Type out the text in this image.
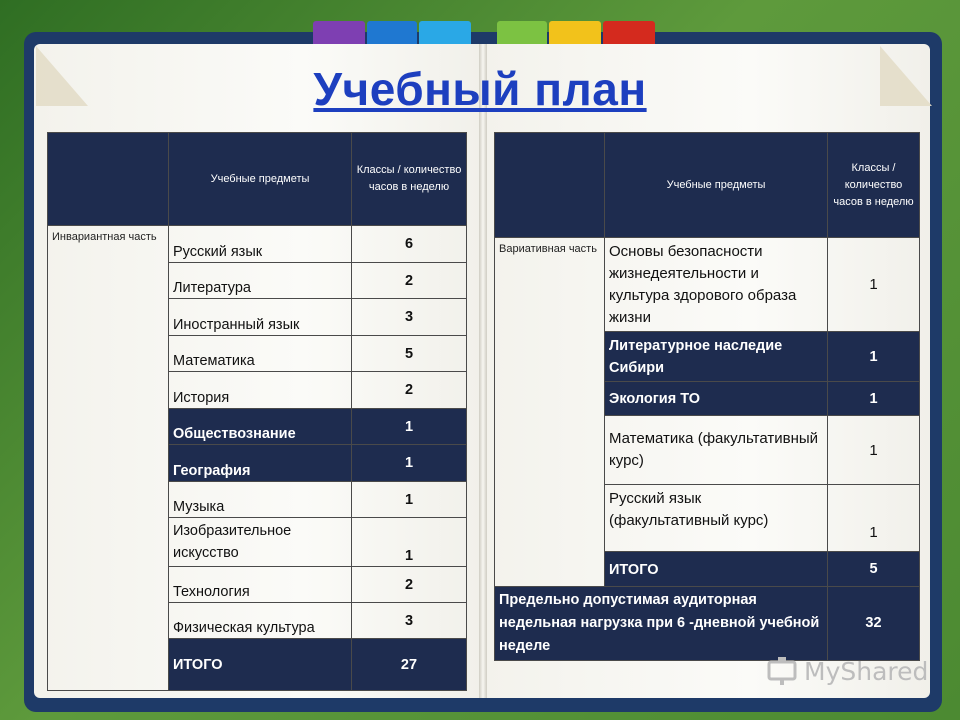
Учебный план
	Учебные предметы	Классы / количество часов в неделю
Инвариантная часть	Русский язык	6
	Литература	2
	Иностранный язык	3
	Математика	5
	История	2
	Обществознание	1
	География	1
	Музыка	1
	Изобразительное искусство	1
	Технология	2
	Физическая культура	3
	ИТОГО	27
	Учебные предметы	Классы / количество часов в неделю
Вариативная часть	Основы безопасности жизнедеятельности и культура здорового образа жизни	1
	Литературное наследие Сибири	1
	Экология ТО	1
	Математика (факультативный курс)	1
	Русский язык (факультативный курс)	1
	ИТОГО	5
Предельно допустимая аудиторная недельная нагрузка при 6 -дневной учебной неделе		32
MyShared
